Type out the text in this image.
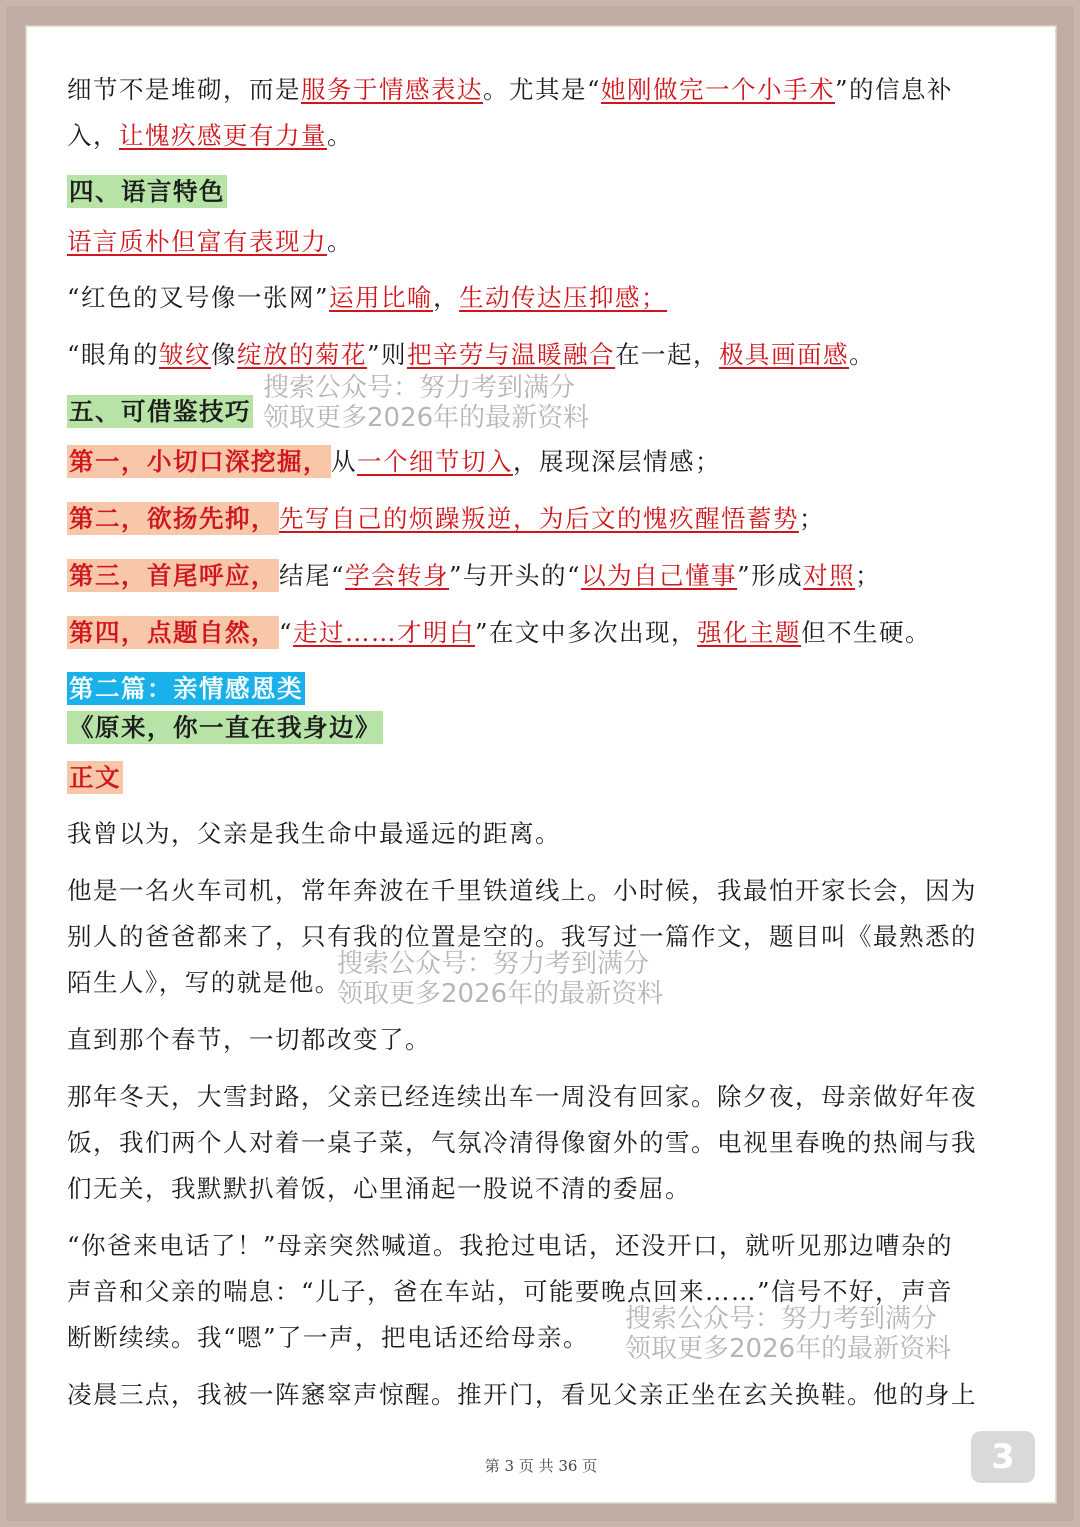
细节不是堆砌，而是服务于情感表达。尤其是“她刚做完一个小手术”的信息补
入，让愧疚感更有力量。
四、语言特色
语言质朴但富有表现力。
“红色的叉号像一张网”运用比喻，生动传达压抑感；
“眼角的皱纹像绽放的菊花”则把辛劳与温暖融合在一起，极具画面感。
五、可借鉴技巧
第一，小切口深挖掘，从一个细节切入，展现深层情感；
第二，欲扬先抑，先写自己的烦躁叛逆，为后文的愧疚醒悟蓄势；
第三，首尾呼应，结尾“学会转身”与开头的“以为自己懂事”形成对照；
第四，点题自然，“走过……才明白”在文中多次出现，强化主题但不生硬。
第二篇：亲情感恩类
《原来，你一直在我身边》
正文
我曾以为，父亲是我生命中最遥远的距离。
他是一名火车司机，常年奔波在千里铁道线上。小时候，我最怕开家长会，因为
别人的爸爸都来了，只有我的位置是空的。我写过一篇作文，题目叫《最熟悉的
陌生人》，写的就是他。
直到那个春节，一切都改变了。
那年冬天，大雪封路，父亲已经连续出车一周没有回家。除夕夜，母亲做好年夜
饭，我们两个人对着一桌子菜，气氛冷清得像窗外的雪。电视里春晚的热闹与我
们无关，我默默扒着饭，心里涌起一股说不清的委屈。
“你爸来电话了！”母亲突然喊道。我抢过电话，还没开口，就听见那边嘈杂的
声音和父亲的喘息：“儿子，爸在车站，可能要晚点回来……”信号不好，声音
断断续续。我“嗯”了一声，把电话还给母亲。
凌晨三点，我被一阵窸窣声惊醒。推开门，看见父亲正坐在玄关换鞋。他的身上
搜索公众号：努力考到满分
领取更多2026年的最新资料
搜索公众号：努力考到满分
领取更多2026年的最新资料
搜索公众号：努力考到满分
领取更多2026年的最新资料
第 3 页 共 36 页	3
